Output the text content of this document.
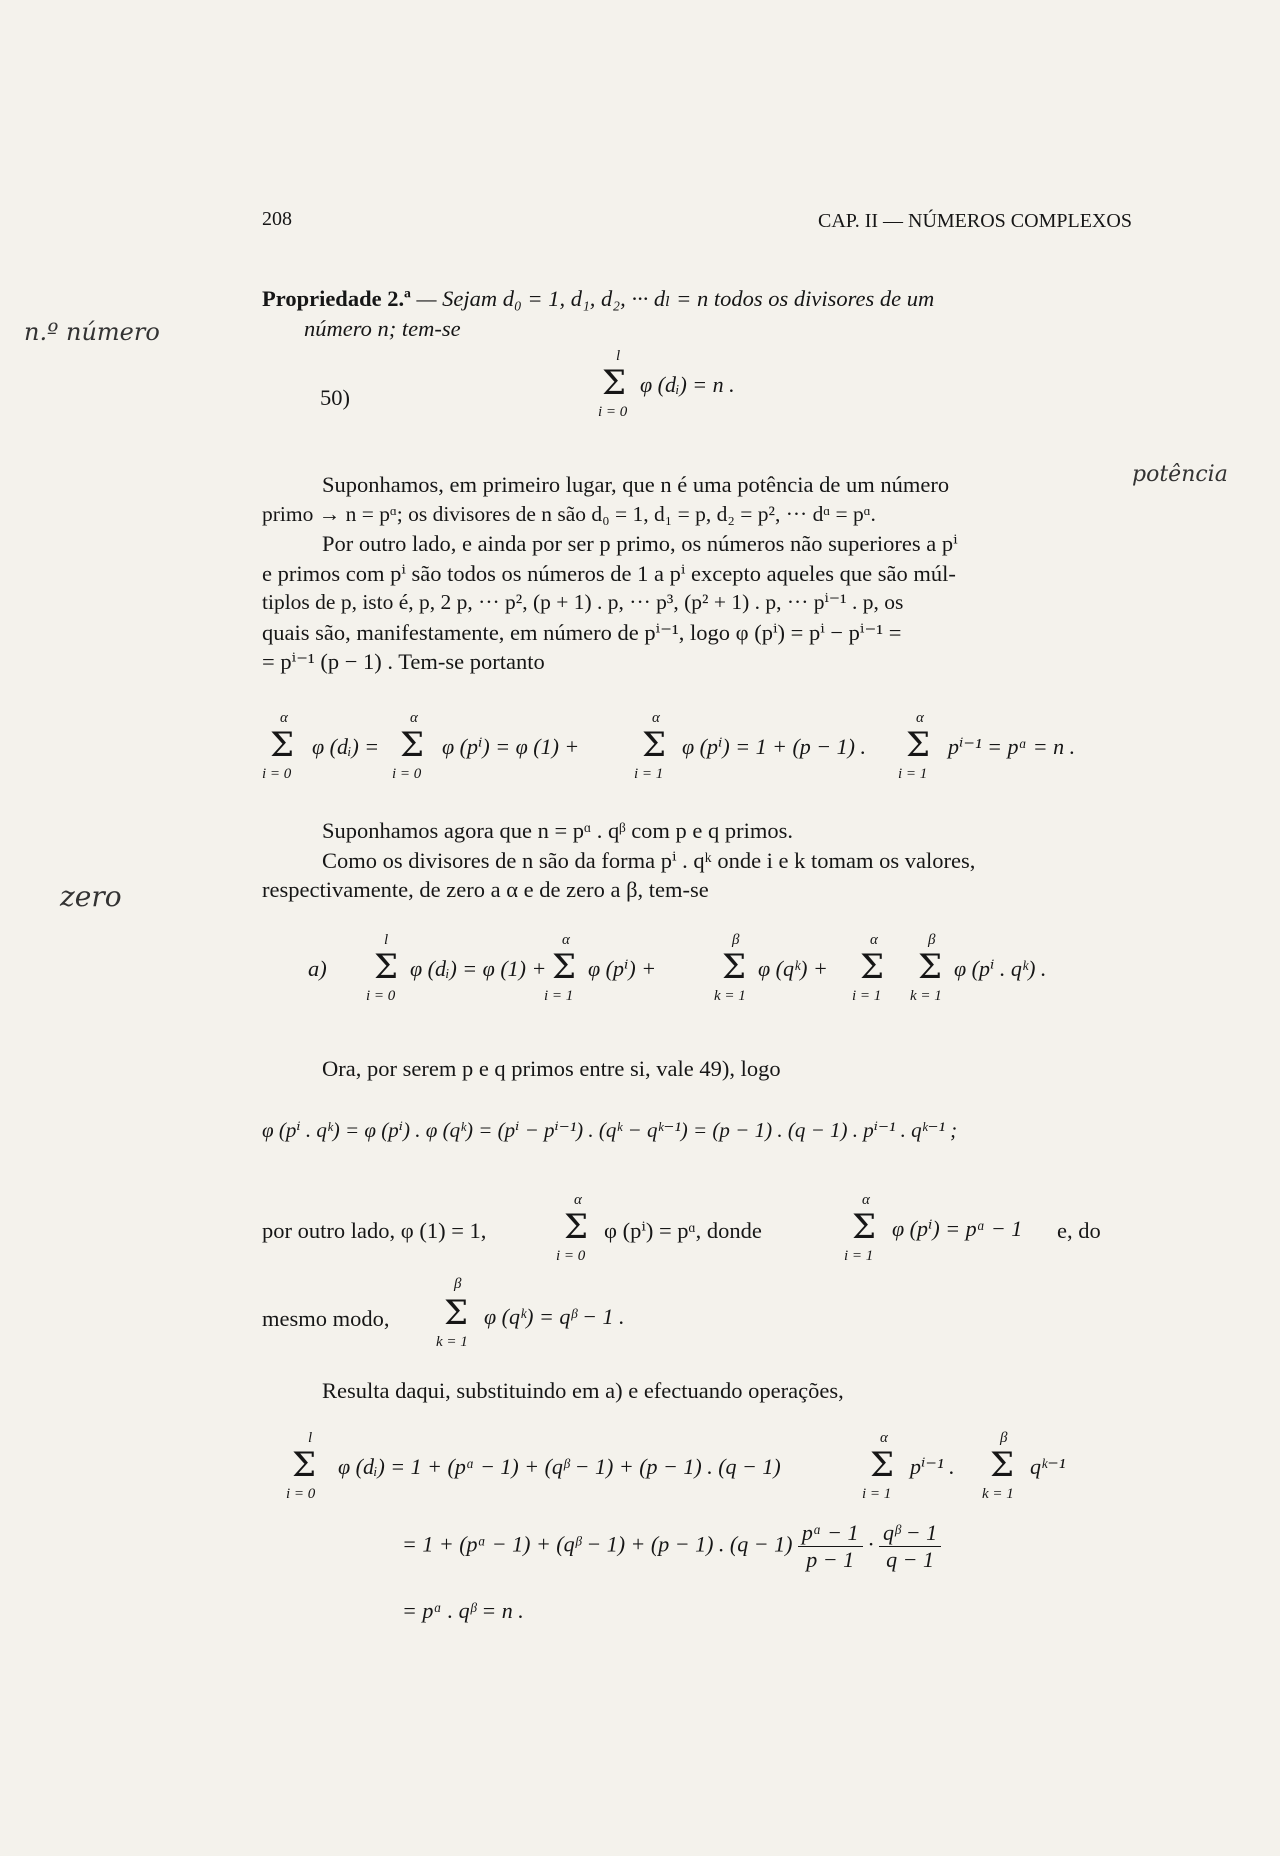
208	CAP. II — NÚMEROS COMPLEXOS
n.º número
potência
zero
Propriedade 2.ª — Sejam d₀ = 1, d₁, d₂, ··· dₗ = n todos os divisores de um
número n; tem-se
50)
l
Σ
i = 0
φ (dᵢ) = n .

Suponhamos, em primeiro lugar, que n é uma potência de um número

primo → n = pᵅ; os divisores de n são d₀ = 1, d₁ = p, d₂ = p², ··· dᵅ = pᵅ.

Por outro lado, e ainda por ser p primo, os números não superiores a pⁱ

e primos com pⁱ são todos os números de 1 a pⁱ excepto aqueles que são múl-
tiplos de p, isto é, p, 2 p, ··· p², (p + 1) . p, ··· p³, (p² + 1) . p, ··· pⁱ⁻¹ . p, os
quais são, manifestamente, em número de pⁱ⁻¹, logo φ (pⁱ) = pⁱ − pⁱ⁻¹ =
= pⁱ⁻¹ (p − 1) . Tem-se portanto
α
Σ
i = 0
φ (dᵢ) =
α
Σ
i = 0
φ (pⁱ) = φ (1) +
α
Σ
i = 1
φ (pⁱ) = 1 + (p − 1) .
α
Σ
i = 1
pⁱ⁻¹ = pᵅ = n .

Suponhamos agora que n = pᵅ . qᵝ com p e q primos.

Como os divisores de n são da forma pⁱ . qᵏ onde i e k tomam os valores,

respectivamente, de zero a α e de zero a β, tem-se
a)
l
Σ
i = 0
φ (dᵢ) = φ (1) +
α
Σ
i = 1
φ (pⁱ) +
β
Σ
k = 1
φ (qᵏ) +
α
Σ
i = 1
β
Σ
k = 1
φ (pⁱ . qᵏ) .

Ora, por serem p e q primos entre si, vale 49), logo

φ (pⁱ . qᵏ) = φ (pⁱ) . φ (qᵏ) = (pⁱ − pⁱ⁻¹) . (qᵏ − qᵏ⁻¹) = (p − 1) . (q − 1) . pⁱ⁻¹ . qᵏ⁻¹ ;
por outro lado, φ (1) = 1,
α
Σ
i = 0
φ (pⁱ) = pᵅ, donde
α
Σ
i = 1
φ (pⁱ) = pᵅ − 1 e, do
mesmo modo,
β
Σ
k = 1
φ (qᵏ) = qᵝ − 1 .

Resulta daqui, substituindo em a) e efectuando operações,

l
Σ
i = 0
φ (dᵢ) = 1 + (pᵅ − 1) + (qᵝ − 1) + (p − 1) . (q − 1)
α
Σ
i = 1
pⁱ⁻¹ .
β
Σ
k = 1
qᵏ⁻¹
= 1 + (pᵅ − 1) + (qᵝ − 1) + (p − 1) . $(q - 1) \frac{\text{pᵅ − 1}}{p - 1} \cdot \frac{\text{qᵝ − 1}}{q - 1}$
= pᵅ . qᵝ = n .
